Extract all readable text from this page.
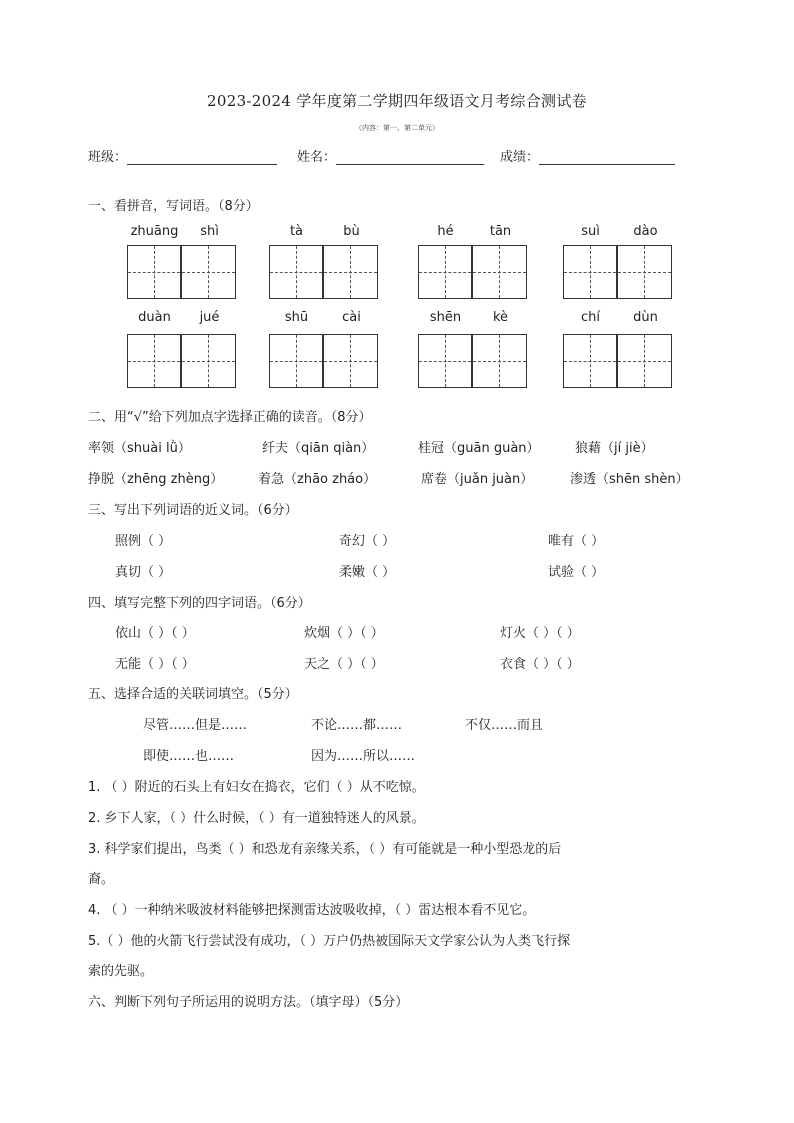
2023-2024 学年度第二学期四年级语文月考综合测试卷
（内容：第一、第二单元）
班级：	姓名：	成绩：
一、看拼音，写词语。（8分）
zhuāng shì	tà	bù	hé	tān	suì	dào
duàn jué	shū	cài	shēn kè	chí	dùn
二、用“√”给下列加点字选择正确的读音。（8分）
率领（shuài lǜ）	纤夫（qiān qiàn）	桂冠（guān guàn）	狼藉（jí jiè）
挣脱（zhēng zhèng）	着急（zhāo zháo）	席卷（juǎn juàn）	渗透（shēn shèn）
三、写出下列词语的近义词。（6分）
照例（ ）	奇幻（ ）	唯有（ ）
真切（ ）	柔嫩（ ）	试验（ ）
四、填写完整下列的四字词语。（6分）
依山（ ）（ ）	炊烟（ ）（ ）	灯火（ ）（ ）
无能（ ）（ ）	天之（ ）（ ）	衣食（ ）（ ）
五、选择合适的关联词填空。（5分）
尽管……但是……	不论……都……	不仅……而且
即使……也……	因为……所以……
1. （ ）附近的石头上有妇女在捣衣，它们（ ）从不吃惊。
2. 乡下人家，（ ）什么时候，（ ）有一道独特迷人的风景。
3. 科学家们提出，鸟类（ ）和恐龙有亲缘关系，（ ）有可能就是一种小型恐龙的后
裔。
4. （ ）一种纳米吸波材料能够把探测雷达波吸收掉，（ ）雷达根本看不见它。
5.（ ）他的火箭飞行尝试没有成功，（ ）万户仍热被国际天文学家公认为人类飞行探
索的先驱。
六、判断下列句子所运用的说明方法。（填字母）（5分）
